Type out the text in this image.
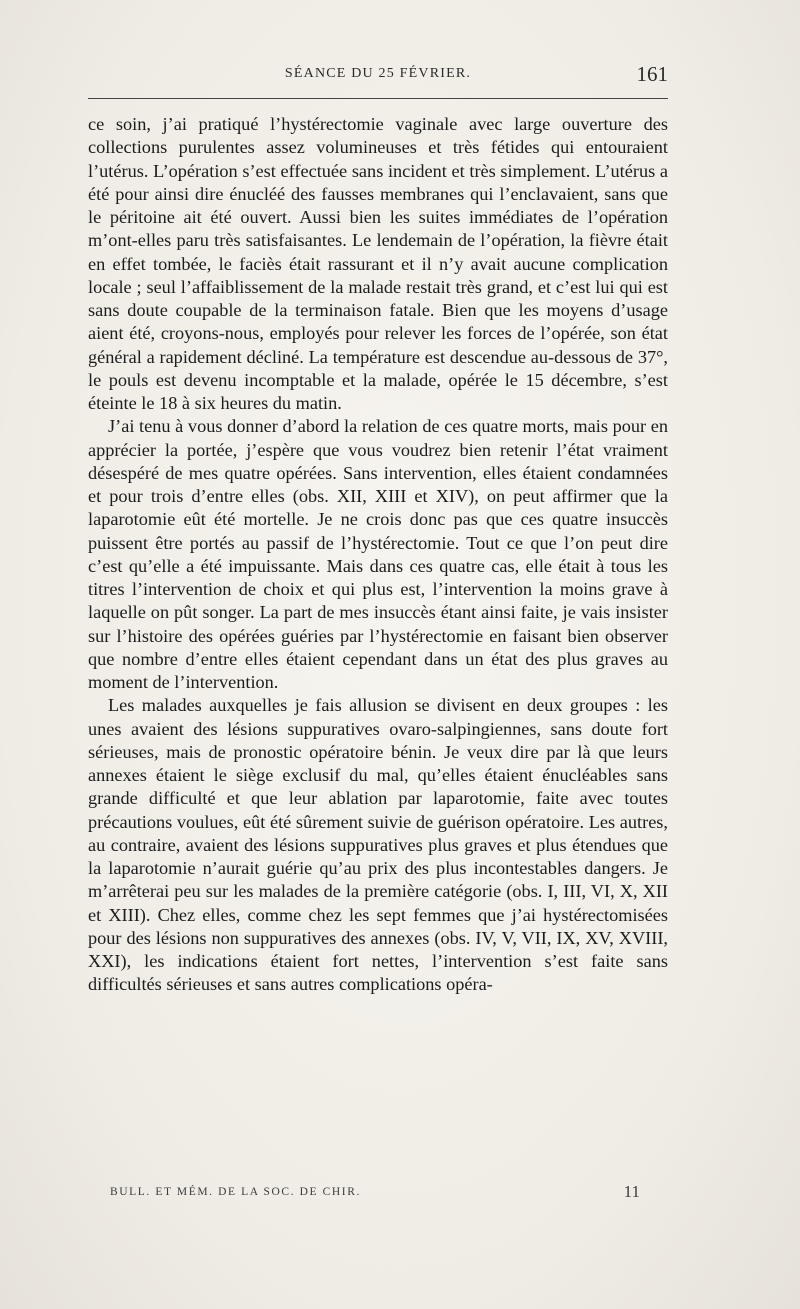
SÉANCE DU 25 FÉVRIER.	161

ce soin, j’ai pratiqué l’hystérectomie vaginale avec large ouverture des collections purulentes assez volumineuses et très fétides qui entouraient l’utérus. L’opération s’est effectuée sans incident et très simplement. L’utérus a été pour ainsi dire énucléé des fausses membranes qui l’enclavaient, sans que le péritoine ait été ouvert. Aussi bien les suites immédiates de l’opération m’ont-elles paru très satisfaisantes. Le lendemain de l’opération, la fièvre était en effet tombée, le faciès était rassurant et il n’y avait aucune complication locale ; seul l’affaiblissement de la malade restait très grand, et c’est lui qui est sans doute coupable de la terminaison fatale. Bien que les moyens d’usage aient été, croyons-nous, employés pour relever les forces de l’opérée, son état général a rapidement décliné. La température est descendue au-dessous de 37°, le pouls est devenu incomptable et la malade, opérée le 15 décembre, s’est éteinte le 18 à six heures du matin.

J’ai tenu à vous donner d’abord la relation de ces quatre morts, mais pour en apprécier la portée, j’espère que vous voudrez bien retenir l’état vraiment désespéré de mes quatre opérées. Sans intervention, elles étaient condamnées et pour trois d’entre elles (obs. XII, XIII et XIV), on peut affirmer que la laparotomie eût été mortelle. Je ne crois donc pas que ces quatre insuccès puissent être portés au passif de l’hystérectomie. Tout ce que l’on peut dire c’est qu’elle a été impuissante. Mais dans ces quatre cas, elle était à tous les titres l’intervention de choix et qui plus est, l’intervention la moins grave à laquelle on pût songer. La part de mes insuccès étant ainsi faite, je vais insister sur l’histoire des opérées guéries par l’hystérectomie en faisant bien observer que nombre d’entre elles étaient cependant dans un état des plus graves au moment de l’intervention.

Les malades auxquelles je fais allusion se divisent en deux groupes : les unes avaient des lésions suppuratives ovaro-salpingiennes, sans doute fort sérieuses, mais de pronostic opératoire bénin. Je veux dire par là que leurs annexes étaient le siège exclusif du mal, qu’elles étaient énucléables sans grande difficulté et que leur ablation par laparotomie, faite avec toutes précautions voulues, eût été sûrement suivie de guérison opératoire. Les autres, au contraire, avaient des lésions suppuratives plus graves et plus étendues que la laparotomie n’aurait guérie qu’au prix des plus incontestables dangers. Je m’arrêterai peu sur les malades de la première catégorie (obs. I, III, VI, X, XII et XIII). Chez elles, comme chez les sept femmes que j’ai hystérectomisées pour des lésions non suppuratives des annexes (obs. IV, V, VII, IX, XV, XVIII, XXI), les indications étaient fort nettes, l’intervention s’est faite sans difficultés sérieuses et sans autres complications opéra-

BULL. ET MÉM. DE LA SOC. DE CHIR.	11
